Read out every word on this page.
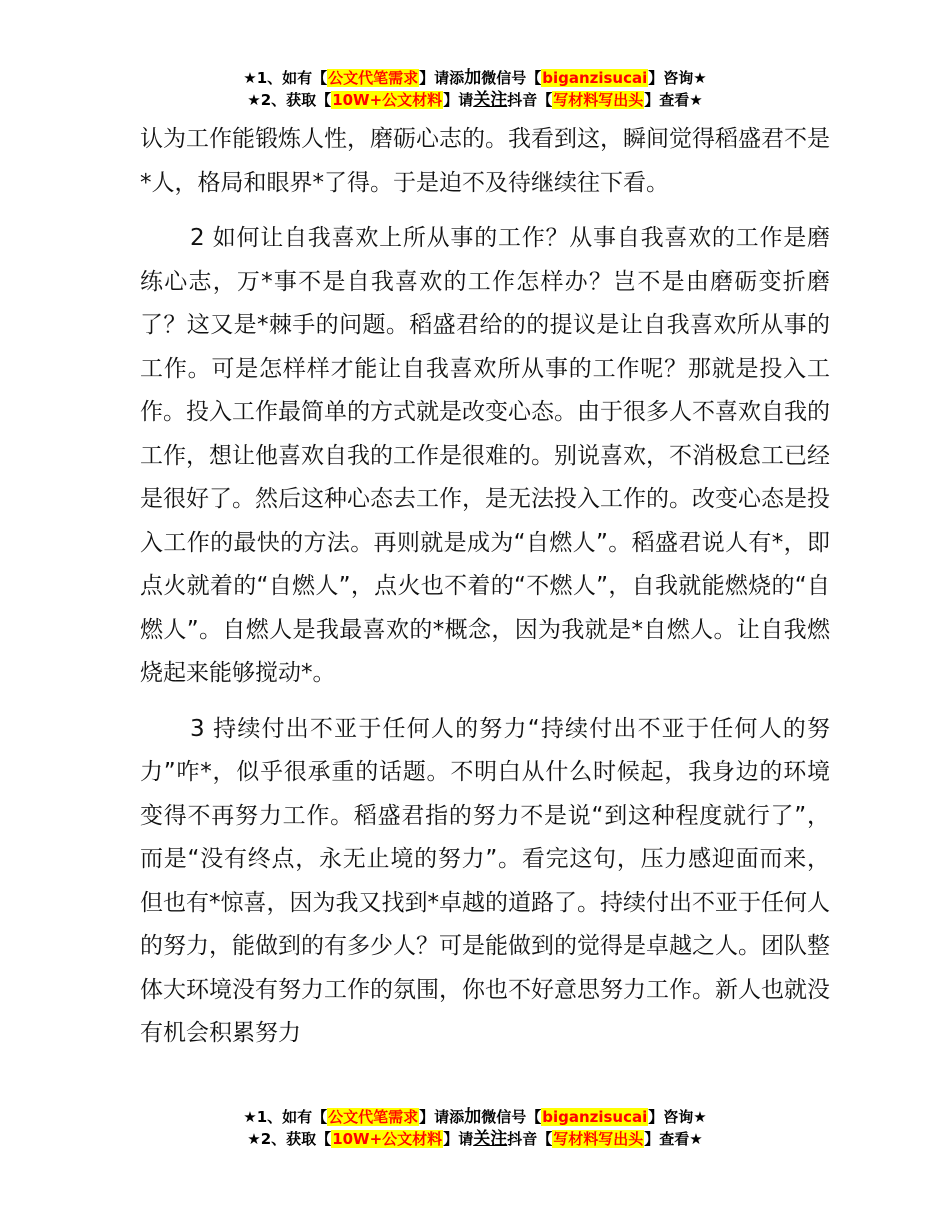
★1、如有【公文代笔需求】请添加微信号【biganzisucai】咨询★
★2、获取【10W+公文材料】请关注抖音【写材料写出头】查看★

认为工作能锻炼人性，磨砺心志的。我看到这，瞬间觉得稻盛君不是*人，格局和眼界*了得。于是迫不及待继续往下看。

2 如何让自我喜欢上所从事的工作？从事自我喜欢的工作是磨练心志，万*事不是自我喜欢的工作怎样办？岂不是由磨砺变折磨了？这又是*棘手的问题。稻盛君给的的提议是让自我喜欢所从事的工作。可是怎样样才能让自我喜欢所从事的工作呢？那就是投入工作。投入工作最简单的方式就是改变心态。由于很多人不喜欢自我的工作，想让他喜欢自我的工作是很难的。别说喜欢，不消极怠工已经是很好了。然后这种心态去工作，是无法投入工作的。改变心态是投入工作的最快的方法。再则就是成为“自燃人”。稻盛君说人有*，即点火就着的“自燃人”，点火也不着的“不燃人”，自我就能燃烧的“自燃人”。自燃人是我最喜欢的*概念，因为我就是*自燃人。让自我燃烧起来能够搅动*。

3 持续付出不亚于任何人的努力“持续付出不亚于任何人的努力”咋*，似乎很承重的话题。不明白从什么时候起，我身边的环境变得不再努力工作。稻盛君指的努力不是说“到这种程度就行了”，而是“没有终点，永无止境的努力”。看完这句，压力感迎面而来，但也有*惊喜，因为我又找到*卓越的道路了。持续付出不亚于任何人的努力，能做到的有多少人？可是能做到的觉得是卓越之人。团队整体大环境没有努力工作的氛围，你也不好意思努力工作。新人也就没有机会积累努力

★1、如有【公文代笔需求】请添加微信号【biganzisucai】咨询★
★2、获取【10W+公文材料】请关注抖音【写材料写出头】查看★
